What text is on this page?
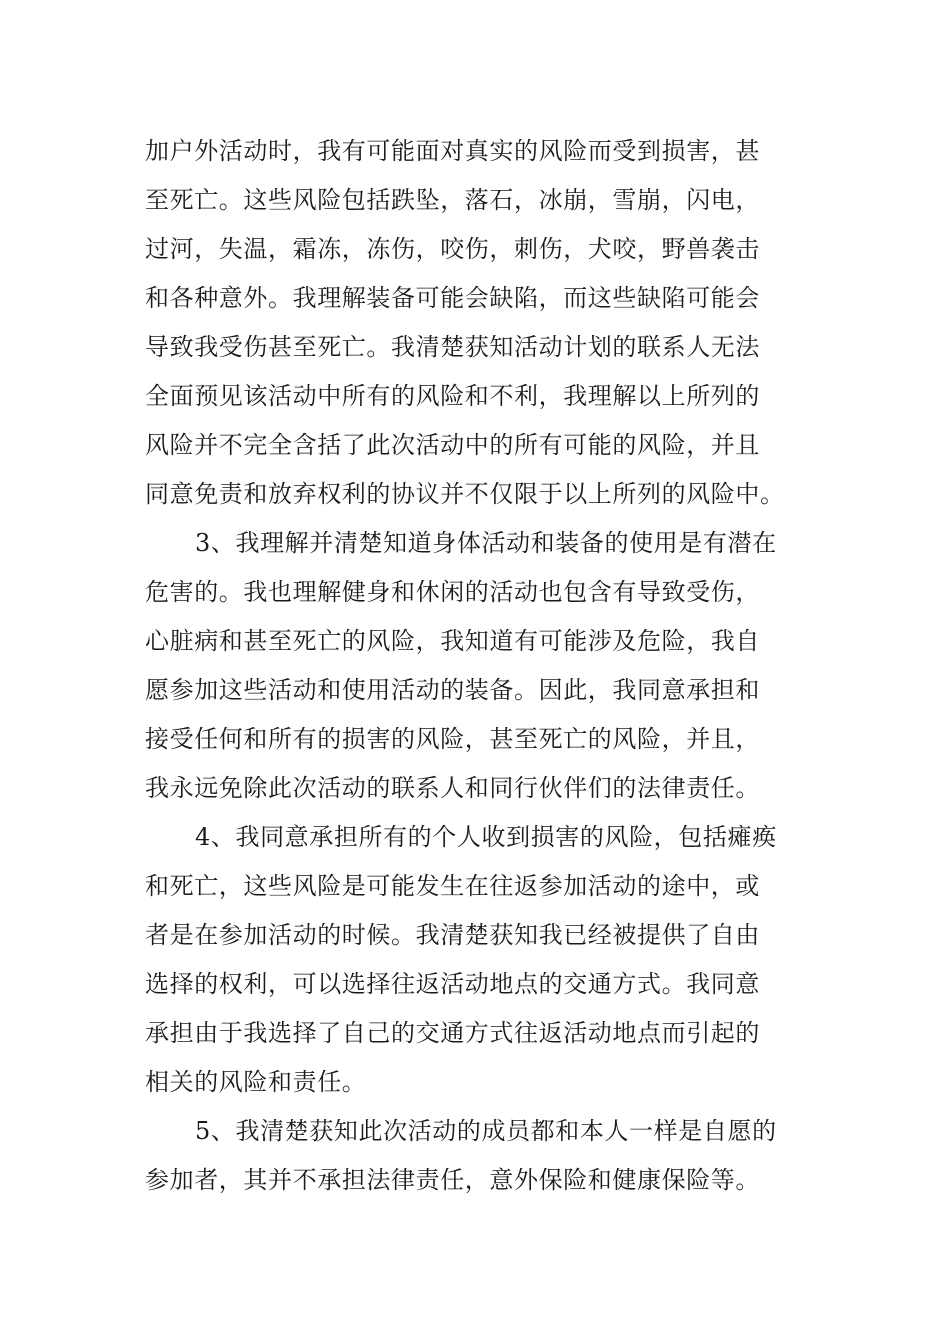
加户外活动时，我有可能面对真实的风险而受到损害，甚
至死亡。这些风险包括跌坠，落石，冰崩，雪崩，闪电，
过河，失温，霜冻，冻伤，咬伤，刺伤，犬咬，野兽袭击
和各种意外。我理解装备可能会缺陷，而这些缺陷可能会
导致我受伤甚至死亡。我清楚获知活动计划的联系人无法
全面预见该活动中所有的风险和不利，我理解以上所列的
风险并不完全含括了此次活动中的所有可能的风险，并且
同意免责和放弃权利的协议并不仅限于以上所列的风险中。
3、我理解并清楚知道身体活动和装备的使用是有潜在
危害的。我也理解健身和休闲的活动也包含有导致受伤，
心脏病和甚至死亡的风险，我知道有可能涉及危险，我自
愿参加这些活动和使用活动的装备。因此，我同意承担和
接受任何和所有的损害的风险，甚至死亡的风险，并且，
我永远免除此次活动的联系人和同行伙伴们的法律责任。
4、我同意承担所有的个人收到损害的风险，包括瘫痪
和死亡，这些风险是可能发生在往返参加活动的途中，或
者是在参加活动的时候。我清楚获知我已经被提供了自由
选择的权利，可以选择往返活动地点的交通方式。我同意
承担由于我选择了自己的交通方式往返活动地点而引起的
相关的风险和责任。
5、我清楚获知此次活动的成员都和本人一样是自愿的
参加者，其并不承担法律责任，意外保险和健康保险等。
